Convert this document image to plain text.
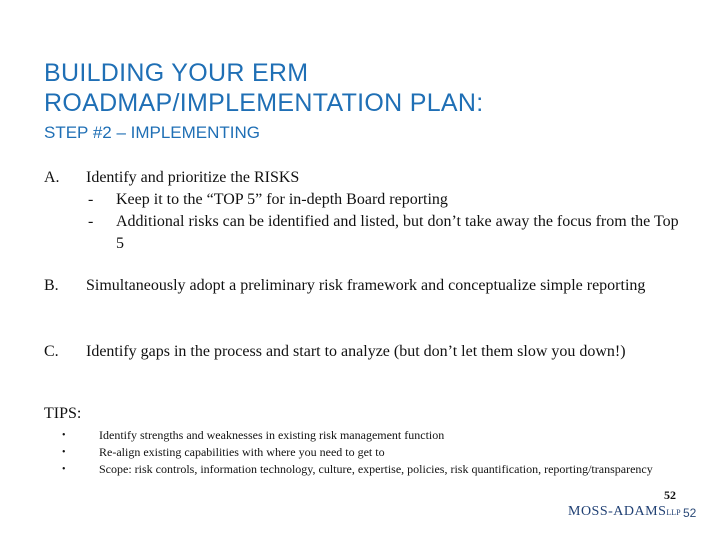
BUILDING YOUR ERM
ROADMAP/IMPLEMENTATION PLAN:
STEP #2 – IMPLEMENTING
A. Identify and prioritize the RISKS
- Keep it to the “TOP 5” for in-depth Board reporting
- Additional risks can be identified and listed, but don’t take away the focus from the Top 5
B. Simultaneously adopt a preliminary risk framework and conceptualize simple reporting
C. Identify gaps in the process and start to analyze (but don’t let them slow you down!)
TIPS:
•	Identify strengths and weaknesses in existing risk management function
•	Re-align existing capabilities with where you need to get to
•	Scope: risk controls, information technology, culture, expertise, policies, risk quantification, reporting/transparency
52
MOSS-ADAMSLLP 52
